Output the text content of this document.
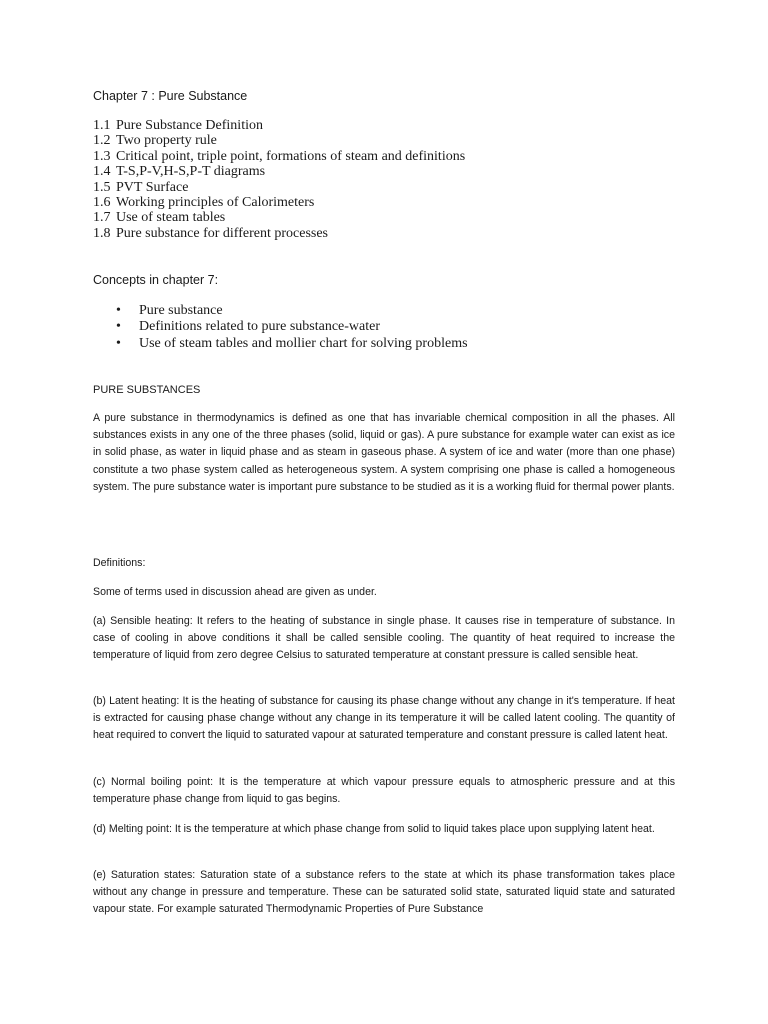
Chapter 7 : Pure Substance
1.1 Pure Substance Definition
1.2 Two property rule
1.3 Critical point, triple point, formations of steam and definitions
1.4 T-S,P-V,H-S,P-T diagrams
1.5 PVT Surface
1.6 Working principles of Calorimeters
1.7 Use of steam tables
1.8 Pure substance for different processes
Concepts in chapter 7:
• Pure substance
• Definitions related to pure substance-water
• Use of steam tables and mollier chart for solving problems
PURE SUBSTANCES

A pure substance in thermodynamics is defined as one that has invariable chemical composition in all the phases. All substances exists in any one of the three phases (solid, liquid or gas). A pure substance for example water can exist as ice in solid phase, as water in liquid phase and as steam in gaseous phase. A system of ice and water (more than one phase) constitute a two phase system called as heterogeneous system. A system comprising one phase is called a homogeneous system. The pure substance water is important pure substance to be studied as it is a working fluid for thermal power plants.

Definitions:

Some of terms used in discussion ahead are given as under.

(a) Sensible heating: It refers to the heating of substance in single phase. It causes rise in temperature of substance. In case of cooling in above conditions it shall be called sensible cooling. The quantity of heat required to increase the temperature of liquid from zero degree Celsius to saturated temperature at constant pressure is called sensible heat.

(b) Latent heating: It is the heating of substance for causing its phase change without any change in it's temperature. If heat is extracted for causing phase change without any change in its temperature it will be called latent cooling. The quantity of heat required to convert the liquid to saturated vapour at saturated temperature and constant pressure is called latent heat.

(c) Normal boiling point: It is the temperature at which vapour pressure equals to atmospheric pressure and at this temperature phase change from liquid to gas begins.

(d) Melting point: It is the temperature at which phase change from solid to liquid takes place upon supplying latent heat.

(e) Saturation states: Saturation state of a substance refers to the state at which its phase transformation takes place without any change in pressure and temperature. These can be saturated solid state, saturated liquid state and saturated vapour state. For example saturated Thermodynamic Properties of Pure Substance
